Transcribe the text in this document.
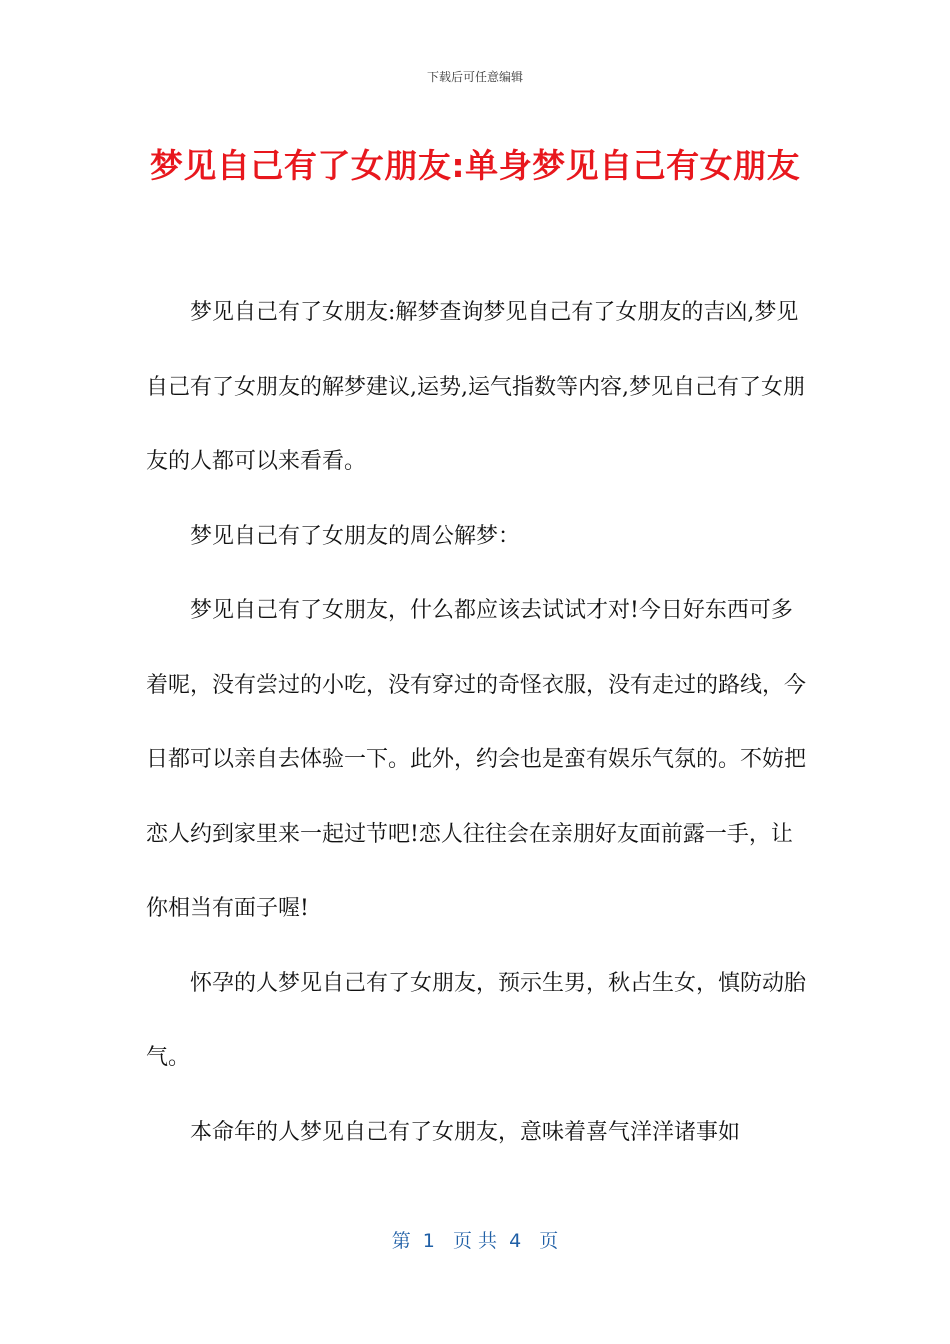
下载后可任意编辑
梦见自己有了女朋友:单身梦见自己有女朋友

梦见自己有了女朋友:解梦查询梦见自己有了女朋友的吉凶,梦见自己有了女朋友的解梦建议,运势,运气指数等内容,梦见自己有了女朋友的人都可以来看看。

梦见自己有了女朋友的周公解梦：

梦见自己有了女朋友，什么都应该去试试才对!今日好东西可多着呢，没有尝过的小吃，没有穿过的奇怪衣服，没有走过的路线，今日都可以亲自去体验一下。此外，约会也是蛮有娱乐气氛的。不妨把恋人约到家里来一起过节吧!恋人往往会在亲朋好友面前露一手，让你相当有面子喔!

怀孕的人梦见自己有了女朋友，预示生男，秋占生女，慎防动胎气。

本命年的人梦见自己有了女朋友，意味着喜气洋洋诸事如

第  1   页 共  4   页
